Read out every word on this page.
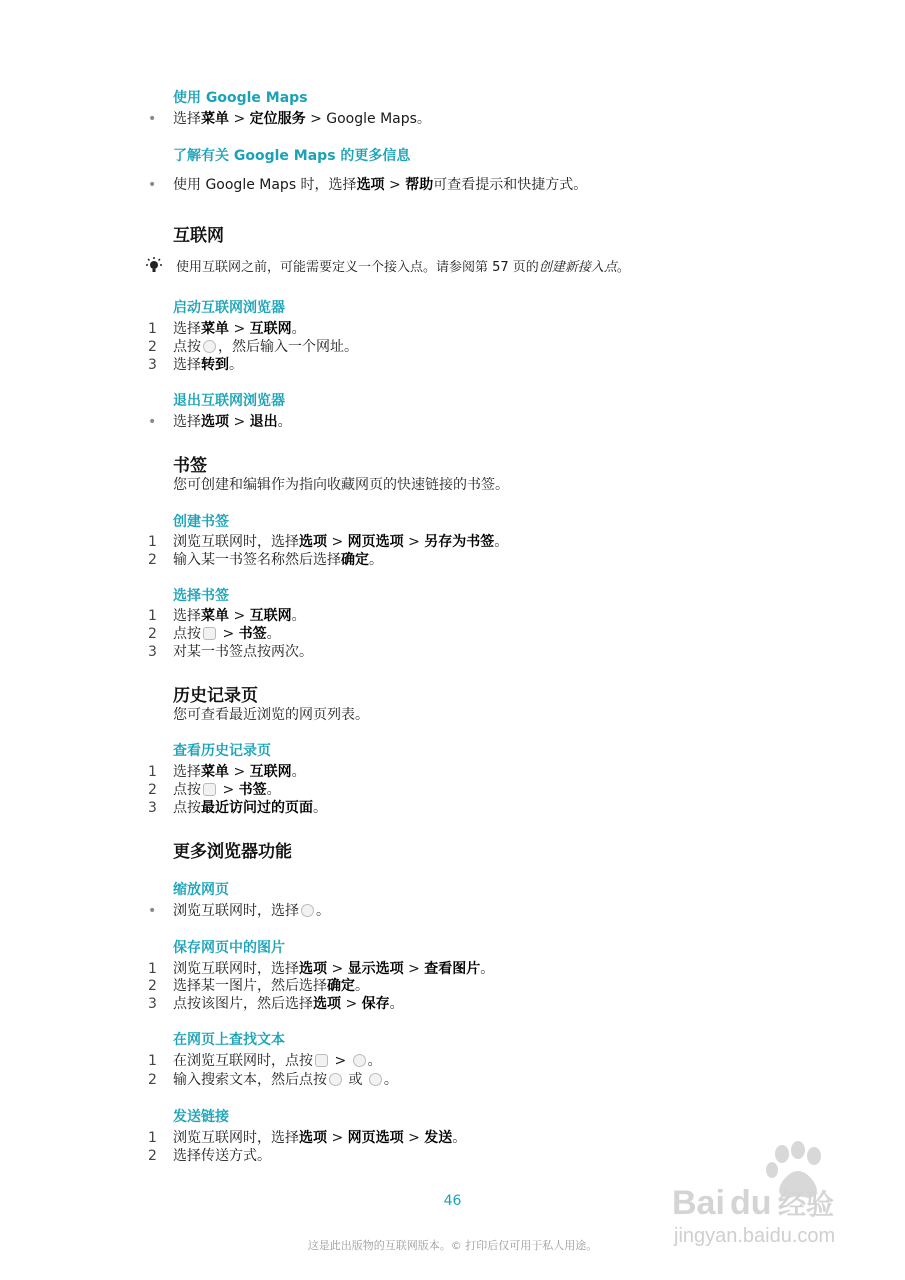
使用 Google Maps
• 选择菜单 > 定位服务 > Google Maps。
了解有关 Google Maps 的更多信息
• 使用 Google Maps 时，选择选项 > 帮助可查看提示和快捷方式。
互联网
使用互联网之前，可能需要定义一个接入点。请参阅第 57 页的创建新接入点。
启动互联网浏览器
1 选择菜单 > 互联网。
2 点按 ，然后输入一个网址。
3 选择转到。
退出互联网浏览器
• 选择选项 > 退出。
书签
您可创建和编辑作为指向收藏网页的快速链接的书签。
创建书签
1 浏览互联网时，选择选项 > 网页选项 > 另存为书签。
2 输入某一书签名称然后选择确定。
选择书签
1 选择菜单 > 互联网。
2 点按 > 书签。
3 对某一书签点按两次。
历史记录页
您可查看最近浏览的网页列表。
查看历史记录页
1 选择菜单 > 互联网。
2 点按 > 书签。
3 点按最近访问过的页面。
更多浏览器功能
缩放网页
• 浏览互联网时，选择 。
保存网页中的图片
1 浏览互联网时，选择选项 > 显示选项 > 查看图片。
2 选择某一图片，然后选择确定。
3 点按该图片，然后选择选项 > 保存。
在网页上查找文本
1 在浏览互联网时，点按 > 。
2 输入搜索文本，然后点按 或 。
发送链接
1 浏览互联网时，选择选项 > 网页选项 > 发送。
2 选择传送方式。
46
这是此出版物的互联网版本。© 打印后仅可用于私人用途。
Bai du 经验
jingyan.baidu.com
